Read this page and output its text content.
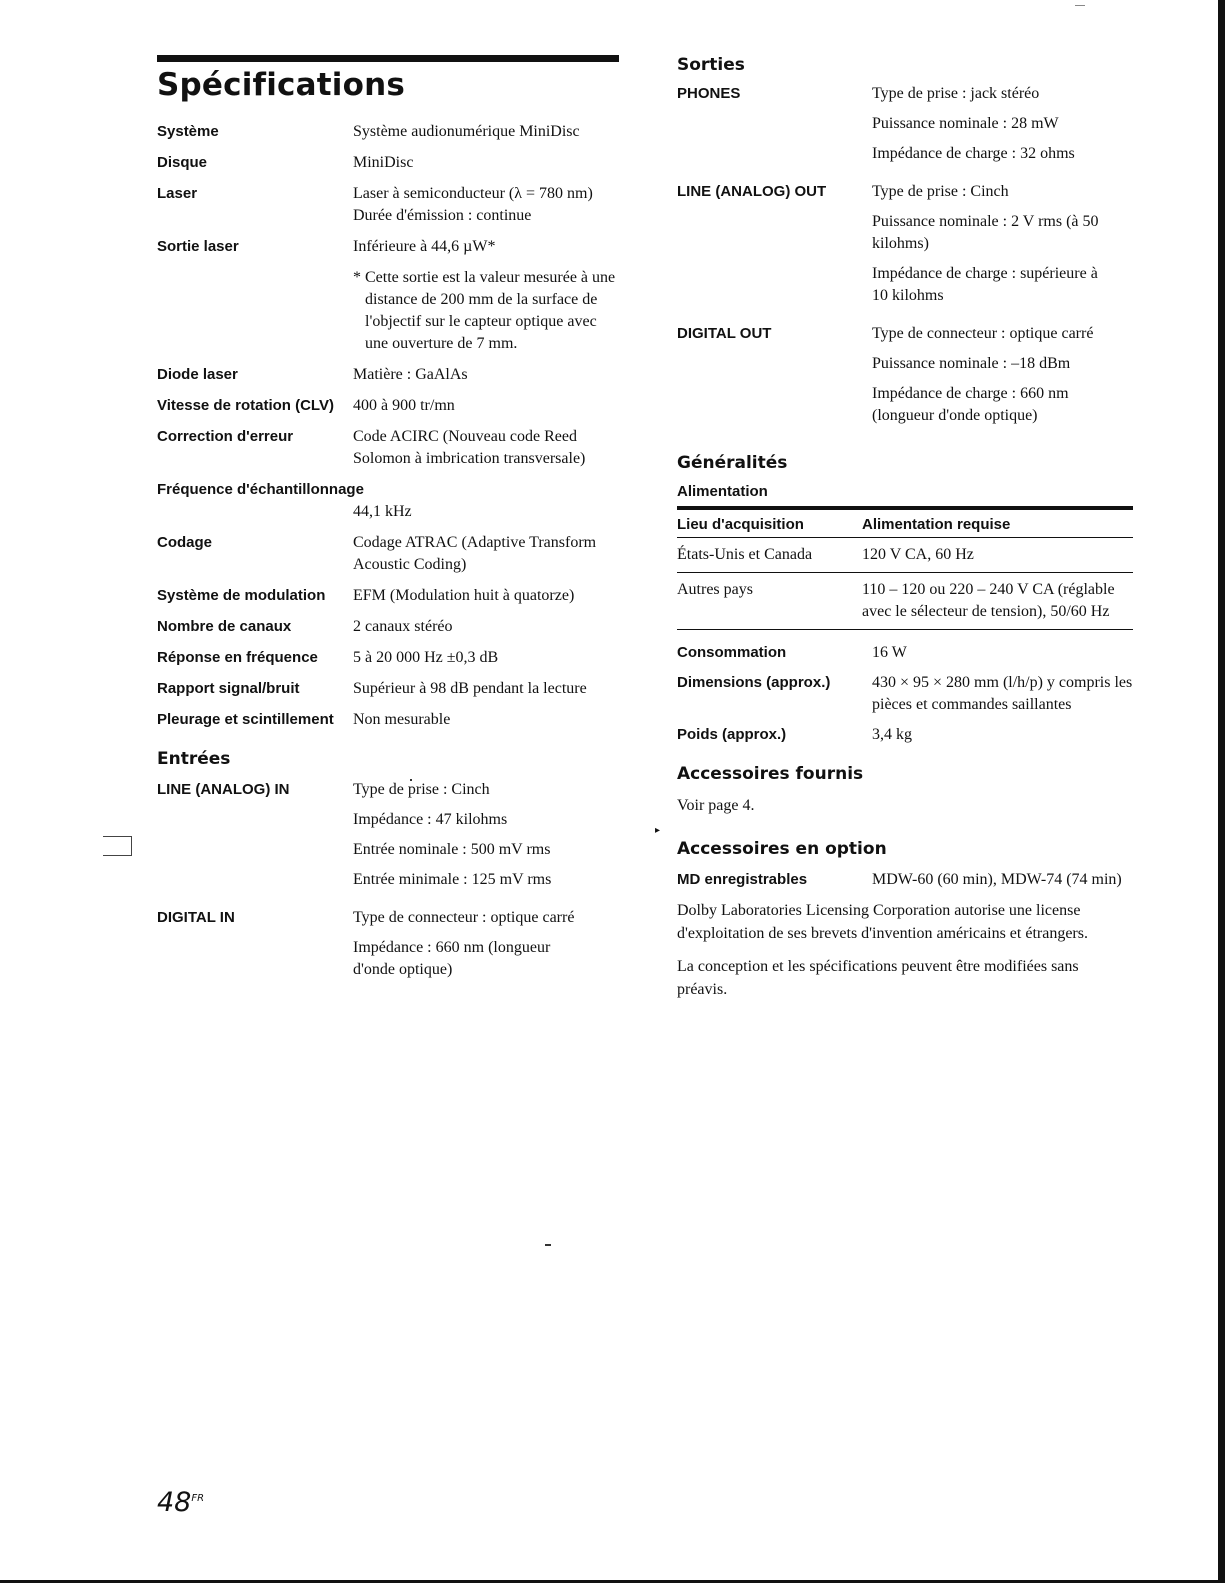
Spécifications
Système	Système audionumérique MiniDisc
Disque	MiniDisc
Laser	Laser à semiconducteur (λ = 780 nm)
Durée d'émission : continue
Sortie laser	Inférieure à 44,6 µW*
* Cette sortie est la valeur mesurée à une distance de 200 mm de la surface de l'objectif sur le capteur optique avec une ouverture de 7 mm.
Diode laser	Matière : GaAlAs
Vitesse de rotation (CLV)	400 à 900 tr/mn
Correction d'erreur	Code ACIRC (Nouveau code Reed
Solomon à imbrication transversale)
Fréquence d'échantillonnage
44,1 kHz
Codage	Codage ATRAC (Adaptive Transform
Acoustic Coding)
Système de modulation	EFM (Modulation huit à quatorze)
Nombre de canaux	2 canaux stéréo
Réponse en fréquence	5 à 20 000 Hz ±0,3 dB
Rapport signal/bruit	Supérieur à 98 dB pendant la lecture
Pleurage et scintillement	Non mesurable
Entrées
LINE (ANALOG) IN	Type de prise : Cinch
Impédance : 47 kilohms
Entrée nominale : 500 mV rms
Entrée minimale : 125 mV rms
DIGITAL IN	Type de connecteur : optique carré
Impédance : 660 nm (longueur d'onde optique)
Sorties
PHONES	Type de prise : jack stéréo
Puissance nominale : 28 mW
Impédance de charge : 32 ohms
LINE (ANALOG) OUT	Type de prise : Cinch
Puissance nominale : 2 V rms (à 50 kilohms)
Impédance de charge : supérieure à 10 kilohms
DIGITAL OUT	Type de connecteur : optique carré
Puissance nominale : –18 dBm
Impédance de charge : 660 nm (longueur d'onde optique)
Généralités
Alimentation
Lieu d'acquisition	Alimentation requise
États-Unis et Canada	120 V CA, 60 Hz
Autres pays	110 – 120 ou 220 – 240 V CA (réglable avec le sélecteur de tension), 50/60 Hz
Consommation	16 W
Dimensions (approx.)	430 × 95 × 280 mm (l/h/p) y compris les pièces et commandes saillantes
Poids (approx.)	3,4 kg
Accessoires fournis

Voir page 4.

Accessoires en option
MD enregistrables	MDW-60 (60 min), MDW-74 (74 min)

Dolby Laboratories Licensing Corporation autorise une license d'exploitation de ses brevets d'invention américains et étrangers.

La conception et les spécifications peuvent être modifiées sans préavis.

▸
$48^{FR}$
